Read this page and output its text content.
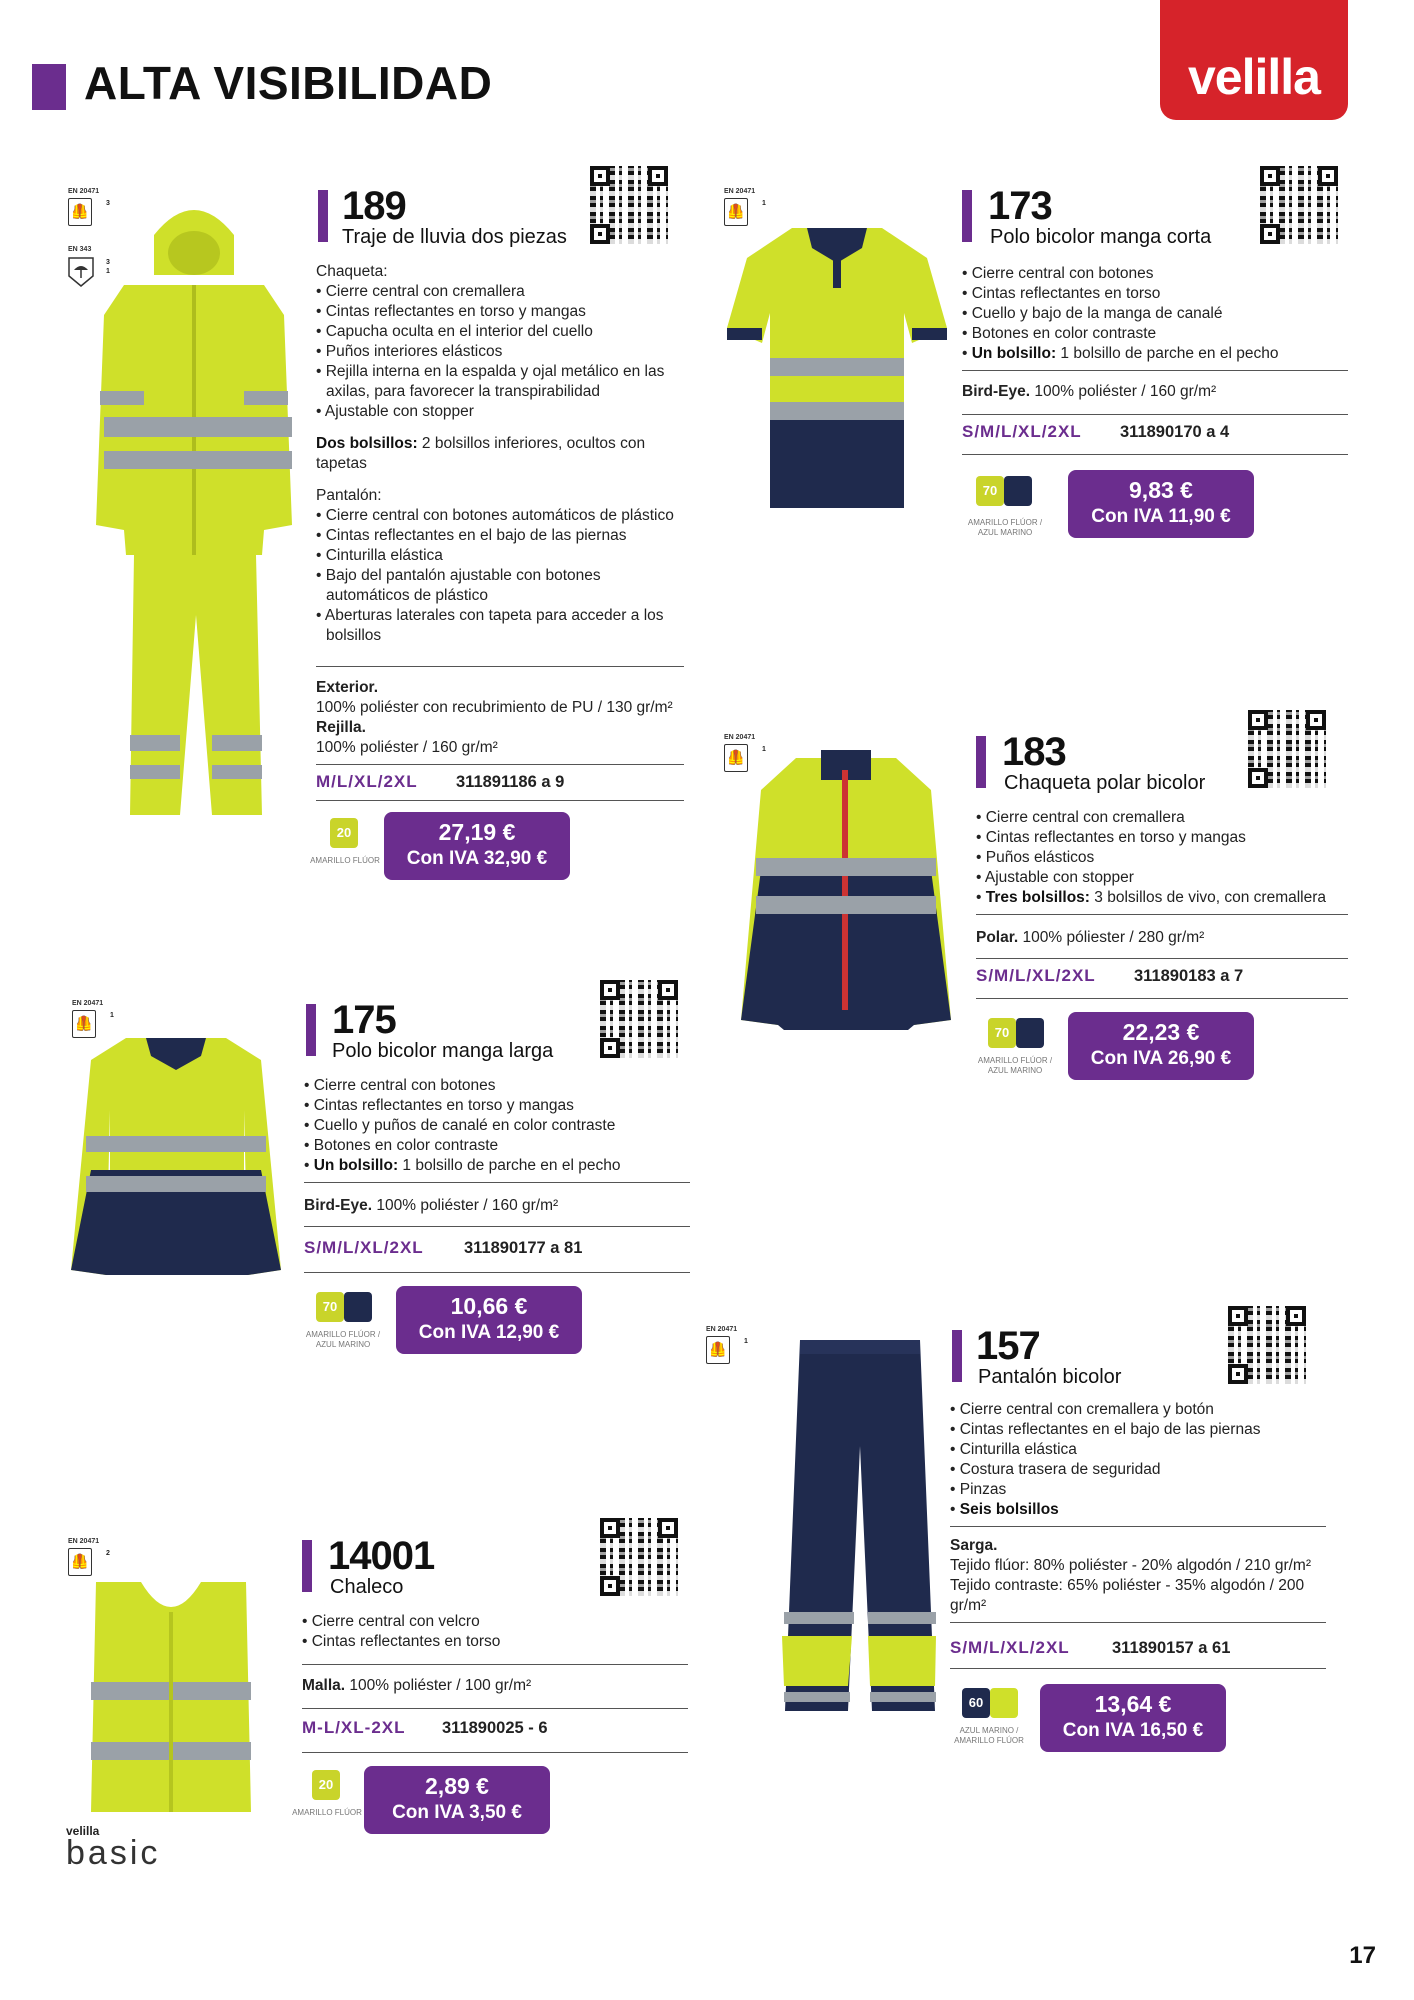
ALTA VISIBILIDAD	velilla
EN 20471
🦺	3
EN 343
3
1
189
Traje de lluvia dos piezas

Chaqueta:

• Cierre central con cremallera
• Cintas reflectantes en torso y mangas
• Capucha oculta en el interior del cuello
• Puños interiores elásticos
• Rejilla interna en la espalda y ojal metálico en las axilas, para favorecer la transpirabilidad
• Ajustable con stopper

Dos bolsillos: 2 bolsillos inferiores, ocultos con tapetas

Pantalón:

• Cierre central con botones automáticos de plástico
• Cintas reflectantes en el bajo de las piernas
• Cinturilla elástica
• Bajo del pantalón ajustable con botones automáticos de plástico
• Aberturas laterales con tapeta para acceder a los bolsillos
Exterior.
100% poliéster con recubrimiento de PU / 130 gr/m²
Rejilla.
100% poliéster / 160 gr/m²
M/L/XL/2XL 311891186 a 9
20
AMARILLO FLÚOR
27,19 €
Con IVA 32,90 €
EN 20471
🦺	1	173
Polo bicolor manga corta
• Cierre central con botones
• Cintas reflectantes en torso
• Cuello y bajo de la manga de canalé
• Botones en color contraste
• Un bolsillo: 1 bolsillo de parche en el pecho
Bird-Eye. 100% poliéster / 160 gr/m²
S/M/L/XL/2XL 311890170 a 4
70
AMARILLO FLÚOR / AZUL MARINO
9,83 €
Con IVA 11,90 €
EN 20471
🦺	1	183
Chaqueta polar bicolor
• Cierre central con cremallera
• Cintas reflectantes en torso y mangas
• Puños elásticos
• Ajustable con stopper
• Tres bolsillos: 3 bolsillos de vivo, con cremallera
Polar. 100% póliester / 280 gr/m²
S/M/L/XL/2XL 311890183 a 7
70
AMARILLO FLÚOR / AZUL MARINO
22,23 €
Con IVA 26,90 €
EN 20471
🦺	1	175
Polo bicolor manga larga
• Cierre central con botones
• Cintas reflectantes en torso y mangas
• Cuello y puños de canalé en color contraste
• Botones en color contraste
• Un bolsillo: 1 bolsillo de parche en el pecho
Bird-Eye. 100% poliéster / 160 gr/m²
S/M/L/XL/2XL 311890177 a 81
70
AMARILLO FLÚOR / AZUL MARINO
10,66 €
Con IVA 12,90 €	EN 20471
🦺	1	157
Pantalón bicolor
• Cierre central con cremallera y botón
• Cintas reflectantes en el bajo de las piernas
• Cinturilla elástica
• Costura trasera de seguridad
• Pinzas
• Seis bolsillos
Sarga.
Tejido flúor: 80% poliéster - 20% algodón / 210 gr/m²
Tejido contraste: 65% poliéster - 35% algodón / 200 gr/m²
S/M/L/XL/2XL	311890157 a 61
60
AZUL MARINO / AMARILLO FLÚOR
13,64 €
Con IVA 16,50 €
EN 20471
🦺	2
velilla
basic
14001
Chaleco
• Cierre central con velcro
• Cintas reflectantes en torso
Malla. 100% poliéster / 100 gr/m²
M-L/XL-2XL 311890025 - 6
20
AMARILLO FLÚOR
2,89 €
Con IVA 3,50 €
17
